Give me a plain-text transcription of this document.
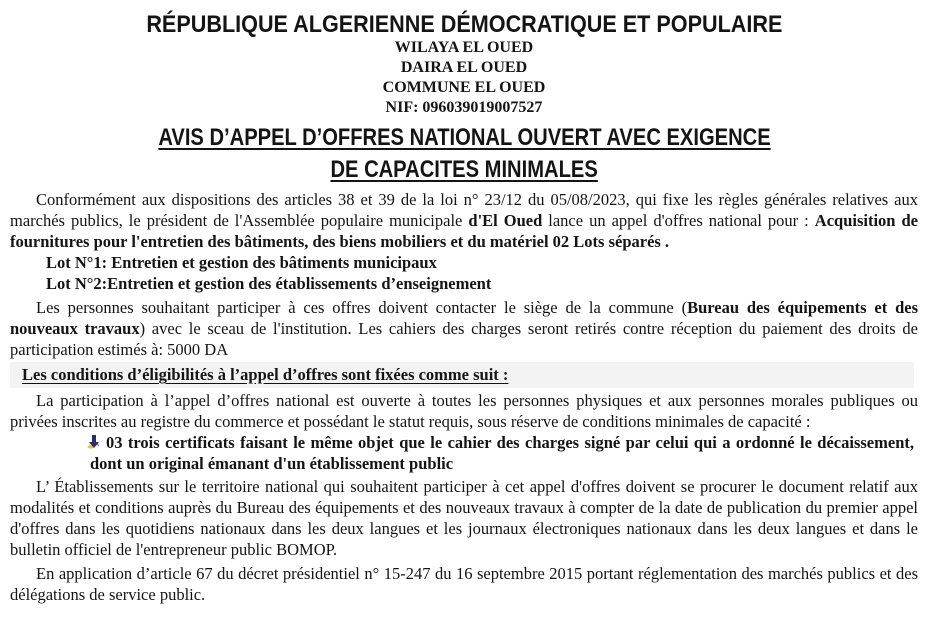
RÉPUBLIQUE ALGERIENNE DÉMOCRATIQUE ET POPULAIRE
WILAYA EL OUED
DAIRA EL OUED
COMMUNE EL OUED
NIF: 096039019007527
AVIS D’APPEL D’OFFRES NATIONAL OUVERT AVEC EXIGENCE
DE CAPACITES MINIMALES

Conformément aux dispositions des articles 38 et 39 de la loi n° 23/12 du 05/08/2023, qui fixe les règles générales relatives aux marchés publics, le président de l'Assemblée populaire municipale d'El Oued lance un appel d'offres national pour : Acquisition de fournitures pour l'entretien des bâtiments, des biens mobiliers et du matériel 02 Lots séparés .

Lot N°1: Entretien et gestion des bâtiments municipaux
Lot N°2:Entretien et gestion des établissements d’enseignement

Les personnes souhaitant participer à ces offres doivent contacter le siège de la commune (Bureau des équipements et des nouveaux travaux) avec le sceau de l'institution. Les cahiers des charges seront retirés contre réception du paiement des droits de participation estimés à: 5000 DA

Les conditions d’éligibilités à l’appel d’offres sont fixées comme suit :

La participation à l’appel d’offres national est ouverte à toutes les personnes physiques et aux personnes morales publiques ou privées inscrites au registre du commerce et possédant le statut requis, sous réserve de conditions minimales de capacité :

03 trois certificats faisant le même objet que le cahier des charges signé par celui qui a ordonné le décaissement, dont un original émanant d'un établissement public

L’ Établissements sur le territoire national qui souhaitent participer à cet appel d'offres doivent se procurer le document relatif aux modalités et conditions auprès du Bureau des équipements et des nouveaux travaux à compter de la date de publication du premier appel d'offres dans les quotidiens nationaux dans les deux langues et les journaux électroniques nationaux dans les deux langues et dans le bulletin officiel de l'entrepreneur public BOMOP.

En application d’article 67 du décret présidentiel n° 15-247 du 16 septembre 2015 portant réglementation des marchés publics et des délégations de service public.
